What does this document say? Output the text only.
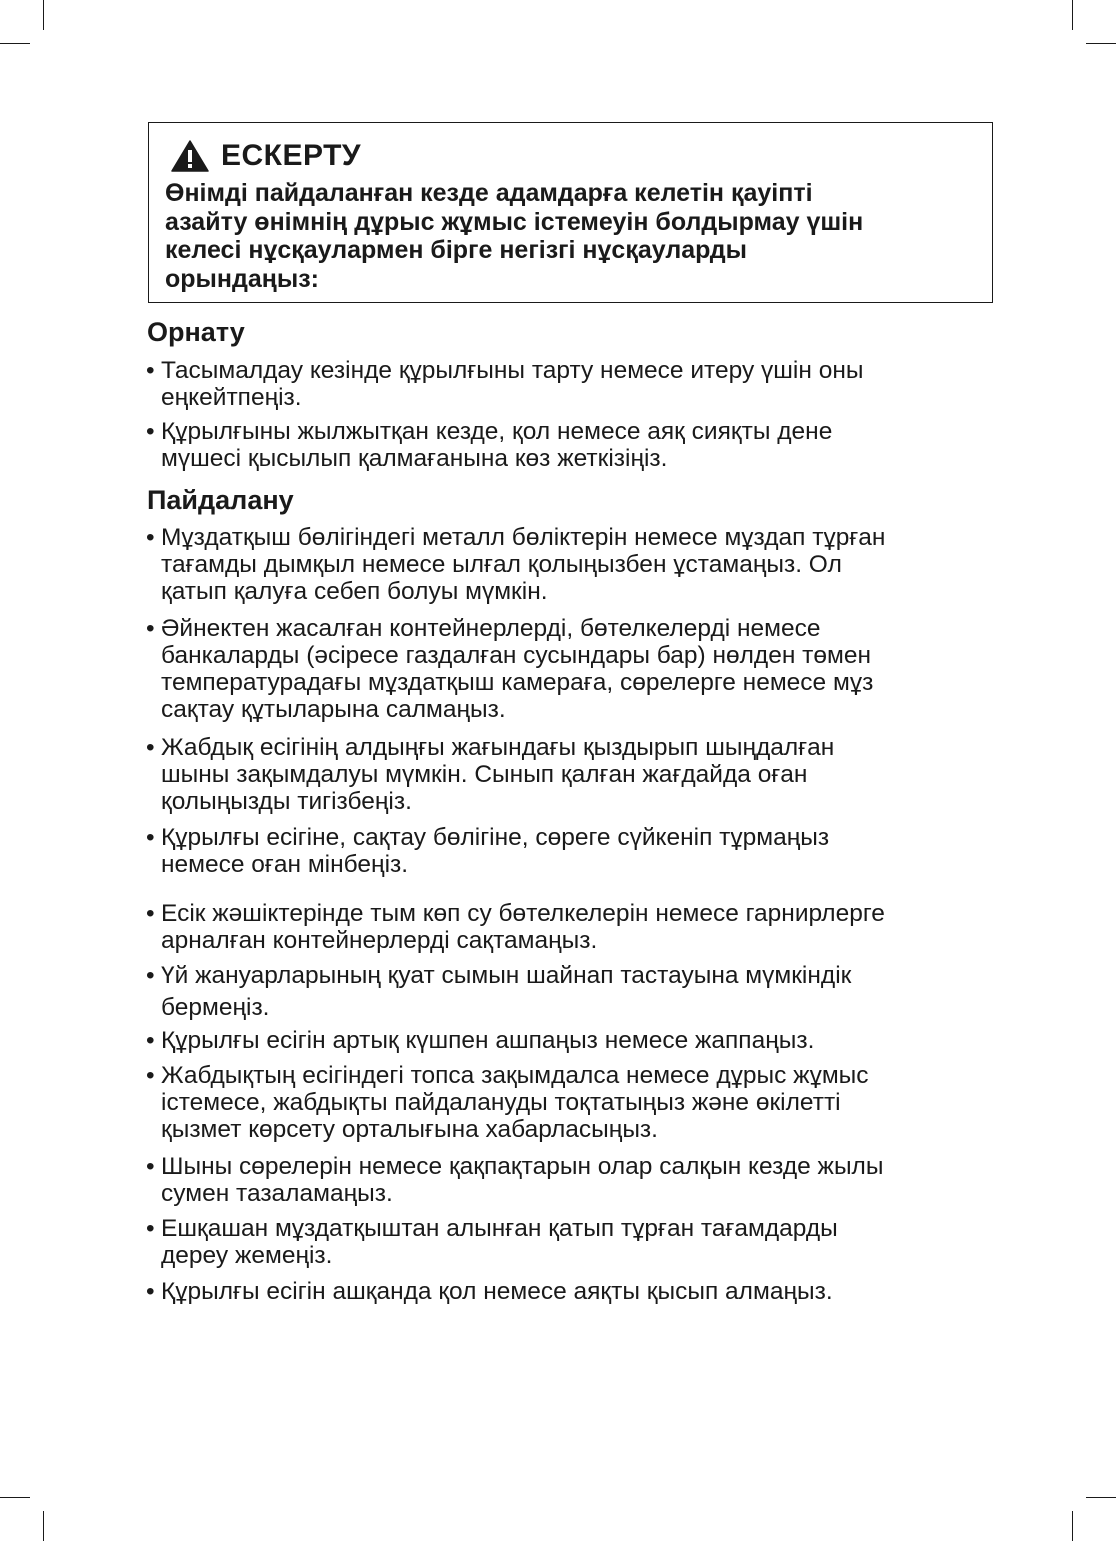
ЕСКЕРТУ
Өнімді пайдаланған кезде адамдарға келетін қауіпті
азайту өнімнің дұрыс жұмыс істемеуін болдырмау үшін
келесі нұсқаулармен бірге негізгі нұсқауларды
орындаңыз:
Орнату
• Тасымалдау кезінде құрылғыны тарту немесе итеру үшін оны
еңкейтпеңіз.
• Құрылғыны жылжытқан кезде, қол немесе аяқ сияқты дене
мүшесі қысылып қалмағанына көз жеткізіңіз.
Пайдалану
• Мұздатқыш бөлігіндегі металл бөліктерін немесе мұздап тұрған
тағамды дымқыл немесе ылғал қолыңызбен ұстамаңыз. Ол
қатып қалуға себеп болуы мүмкін.
• Әйнектен жасалған контейнерлерді, бөтелкелерді немесе
банкаларды (әсіресе газдалған сусындары бар) нөлден төмен
температурадағы мұздатқыш камераға, сөрелерге немесе мұз
сақтау құтыларына салмаңыз.
• Жабдық есігінің алдыңғы жағындағы қыздырып шыңдалған
шыны зақымдалуы мүмкін. Сынып қалған жағдайда оған
қолыңызды тигізбеңіз.
• Құрылғы есігіне, сақтау бөлігіне, сөреге сүйкеніп тұрмаңыз
немесе оған мінбеңіз.
• Есік жәшіктерінде тым көп су бөтелкелерін немесе гарнирлерге
арналған контейнерлерді сақтамаңыз.
• Үй жануарларының қуат сымын шайнап тастауына мүмкіндік
бермеңіз.
• Құрылғы есігін артық күшпен ашпаңыз немесе жаппаңыз.
• Жабдықтың есігіндегі топса зақымдалса немесе дұрыс жұмыс
істемесе, жабдықты пайдалануды тоқтатыңыз және өкілетті
қызмет көрсету орталығына хабарласыңыз.
• Шыны сөрелерін немесе қақпақтарын олар салқын кезде жылы
сумен тазаламаңыз.
• Ешқашан мұздатқыштан алынған қатып тұрған тағамдарды
дереу жемеңіз.
• Құрылғы есігін ашқанда қол немесе аяқты қысып алмаңыз.
